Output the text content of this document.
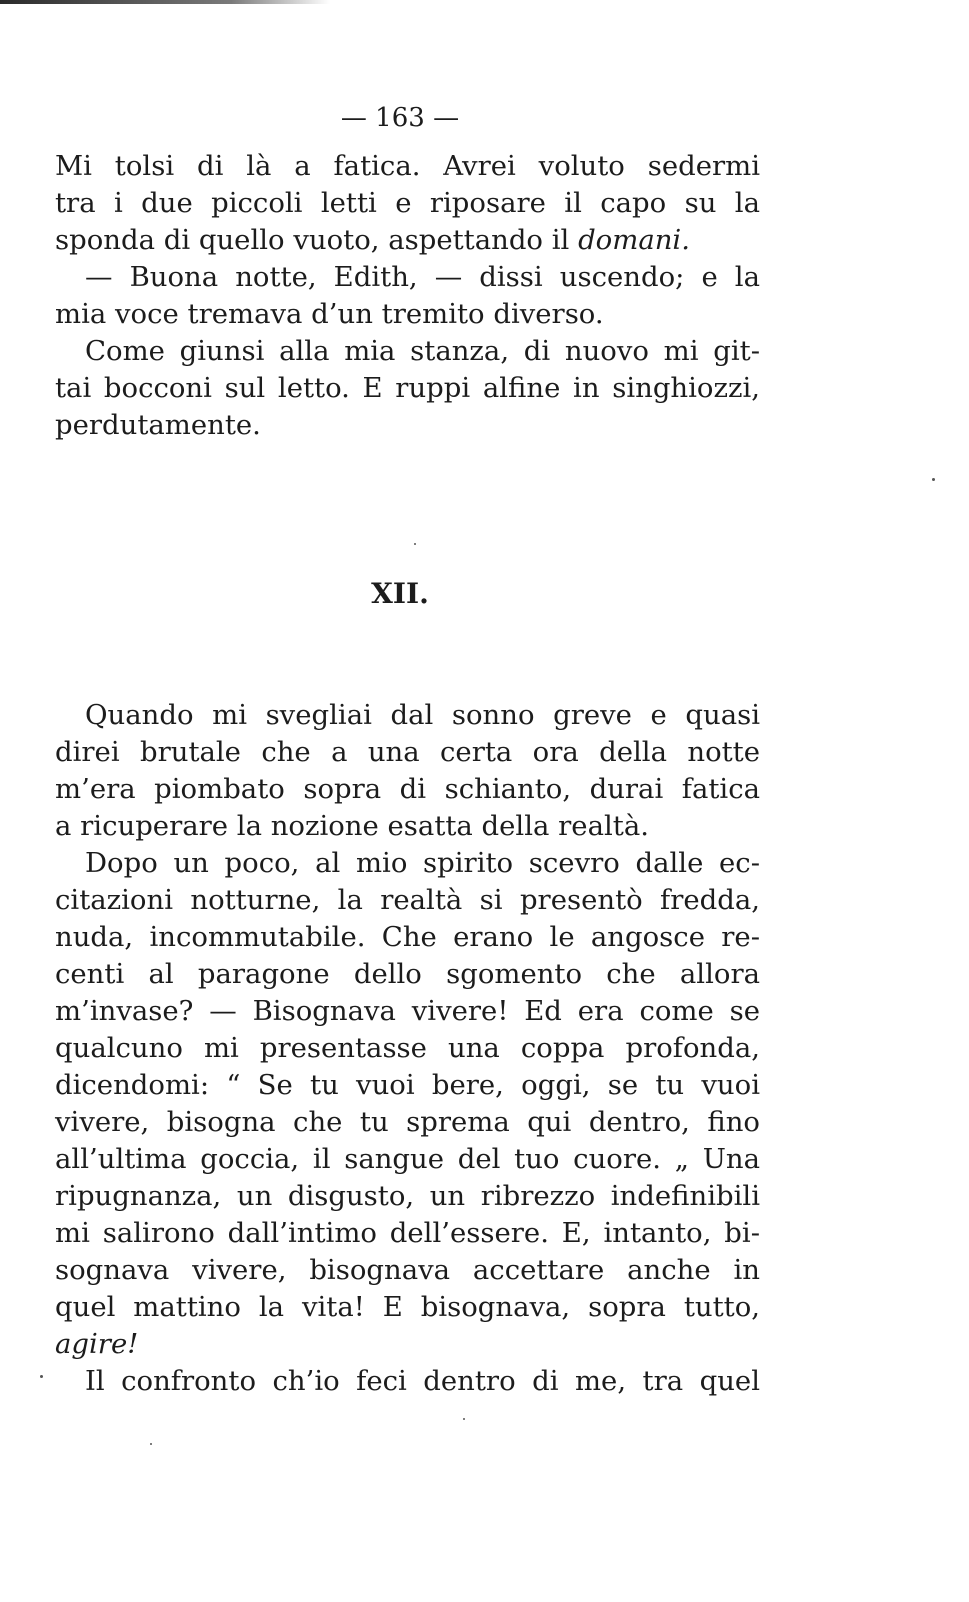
— 163 —
Mi tolsi di là a fatica. Avrei voluto sedermi
tra i due piccoli letti e riposare il capo su la
sponda di quello vuoto, aspettando il domani.
— Buona notte, Edith, — dissi uscendo; e la
mia voce tremava d’un tremito diverso.
Come giunsi alla mia stanza, di nuovo mi git-
tai bocconi sul letto. E ruppi alfine in singhiozzi,
perdutamente.
XII.
Quando mi svegliai dal sonno greve e quasi
direi brutale che a una certa ora della notte
m’era piombato sopra di schianto, durai fatica
a ricuperare la nozione esatta della realtà.
Dopo un poco, al mio spirito scevro dalle ec-
citazioni notturne, la realtà si presentò fredda,
nuda, incommutabile. Che erano le angosce re-
centi al paragone dello sgomento che allora
m’invase? — Bisognava vivere! Ed era come se
qualcuno mi presentasse una coppa profonda,
dicendomi: “ Se tu vuoi bere, oggi, se tu vuoi
vivere, bisogna che tu sprema qui dentro, fino
all’ultima goccia, il sangue del tuo cuore. „ Una
ripugnanza, un disgusto, un ribrezzo indefinibili
mi salirono dall’intimo dell’essere. E, intanto, bi-
sognava vivere, bisognava accettare anche in
quel mattino la vita! E bisognava, sopra tutto,
agire!
Il confronto ch’io feci dentro di me, tra quel
